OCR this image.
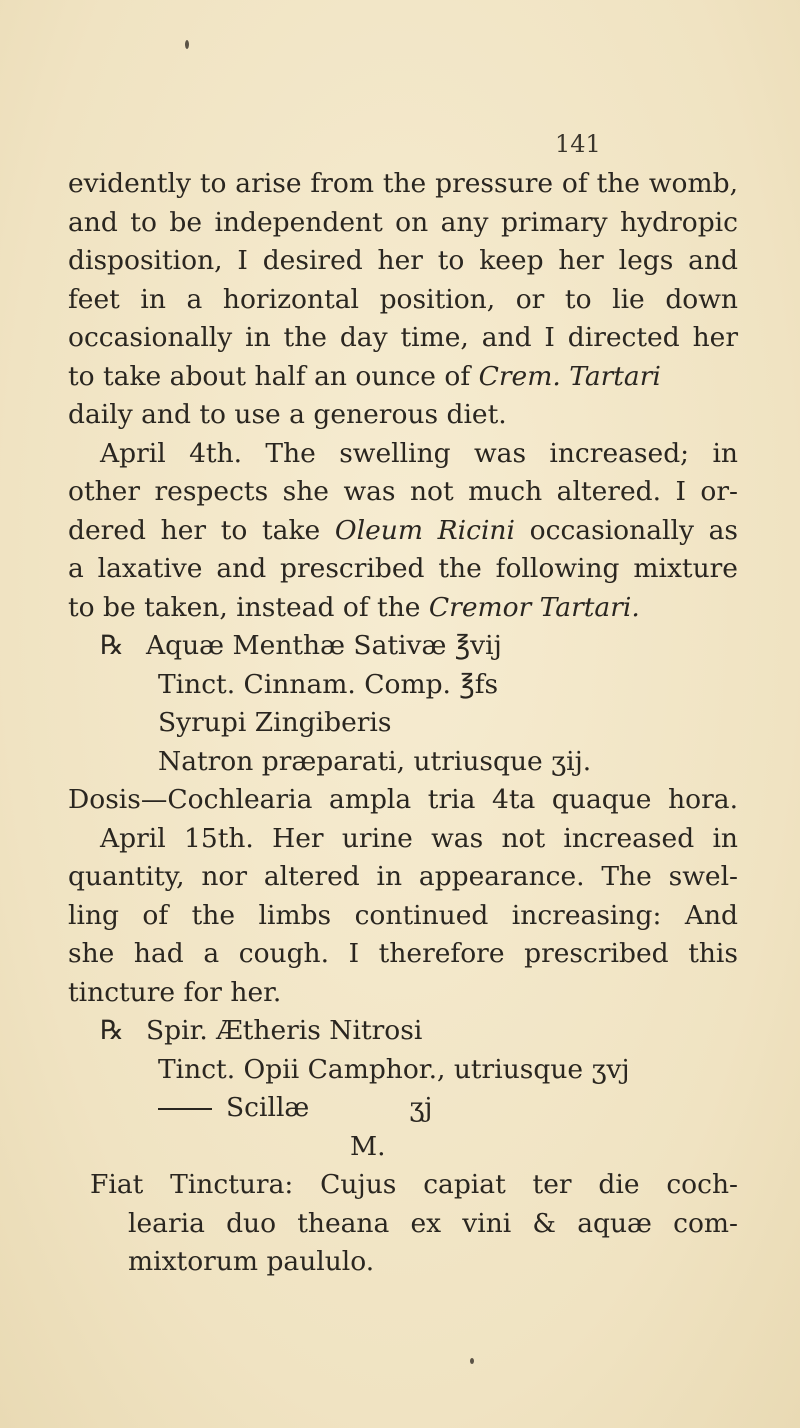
141
evidently to arise from the pressure of the womb,
and to be independent on any primary hydropic
disposition, I desired her to keep her legs and
feet in a horizontal position, or to lie down
occasionally in the day time, and I directed her
to take about half an ounce of Crem. Tartari
daily and to use a generous diet.
April 4th. The swelling was increased; in
other respects she was not much altered. I or-
dered her to take Oleum Ricini occasionally as
a laxative and prescribed the following mixture
to be taken, instead of the Cremor Tartari.
℞ Aquæ Menthæ Sativæ ℥vij
Tinct. Cinnam. Comp. ℥fs
Syrupi Zingiberis
Natron præparati, utriusque ʒij.
Dosis—Cochlearia ampla tria 4ta quaque hora.
April 15th. Her urine was not increased in
quantity, nor altered in appearance. The swel-
ling of the limbs continued increasing: And
she had a cough. I therefore prescribed this
tincture for her.
℞ Spir. Ætheris Nitrosi
Tinct. Opii Camphor., utriusque ʒvj
Scillæ	ʒj
M.
Fiat Tinctura: Cujus capiat ter die coch-
learia duo theana ex vini & aquæ com-
mixtorum paululo.
